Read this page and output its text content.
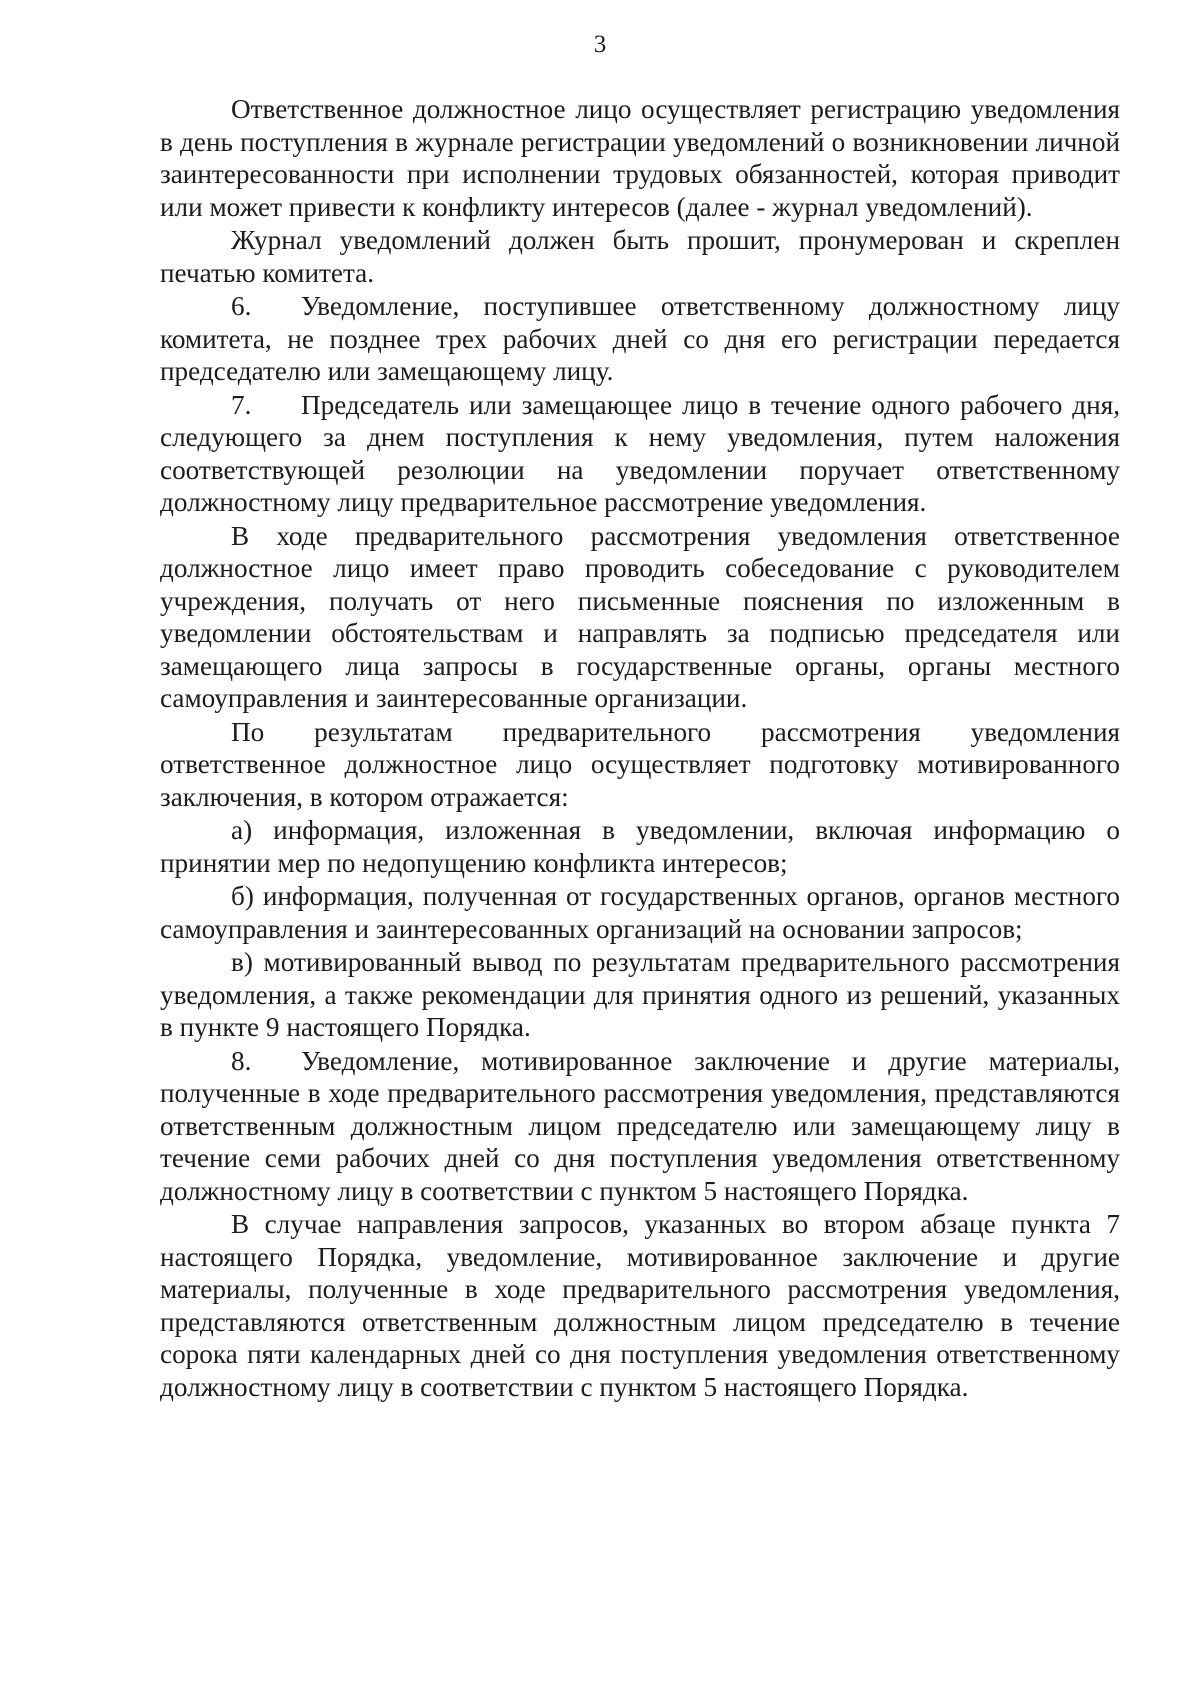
3

Ответственное должностное лицо осуществляет регистрацию уведомления в день поступления в журнале регистрации уведомлений о возникновении личной заинтересованности при исполнении трудовых обязанностей, которая приводит или может привести к конфликту интересов (далее - журнал уведомлений).

Журнал уведомлений должен быть прошит, пронумерован и скреплен печатью комитета.

6. Уведомление, поступившее ответственному должностному лицу комитета, не позднее трех рабочих дней со дня его регистрации передается председателю или замещающему лицу.

7. Председатель или замещающее лицо в течение одного рабочего дня, следующего за днем поступления к нему уведомления, путем наложения соответствующей резолюции на уведомлении поручает ответственному должностному лицу предварительное рассмотрение уведомления.

В ходе предварительного рассмотрения уведомления ответственное должностное лицо имеет право проводить собеседование с руководителем учреждения, получать от него письменные пояснения по изложенным в уведомлении обстоятельствам и направлять за подписью председателя или замещающего лица запросы в государственные органы, органы местного самоуправления и заинтересованные организации.

По результатам предварительного рассмотрения уведомления ответственное должностное лицо осуществляет подготовку мотивированного заключения, в котором отражается:

а) информация, изложенная в уведомлении, включая информацию о принятии мер по недопущению конфликта интересов;

б) информация, полученная от государственных органов, органов местного самоуправления и заинтересованных организаций на основании запросов;

в) мотивированный вывод по результатам предварительного рассмотрения уведомления, а также рекомендации для принятия одного из решений, указанных в пункте 9 настоящего Порядка.

8. Уведомление, мотивированное заключение и другие материалы, полученные в ходе предварительного рассмотрения уведомления, представляются ответственным должностным лицом председателю или замещающему лицу в течение семи рабочих дней со дня поступления уведомления ответственному должностному лицу в соответствии с пунктом 5 настоящего Порядка.

В случае направления запросов, указанных во втором абзаце пункта 7 настоящего Порядка, уведомление, мотивированное заключение и другие материалы, полученные в ходе предварительного рассмотрения уведомления, представляются ответственным должностным лицом председателю в течение сорока пяти календарных дней со дня поступления уведомления ответственному должностному лицу в соответствии с пунктом 5 настоящего Порядка.
